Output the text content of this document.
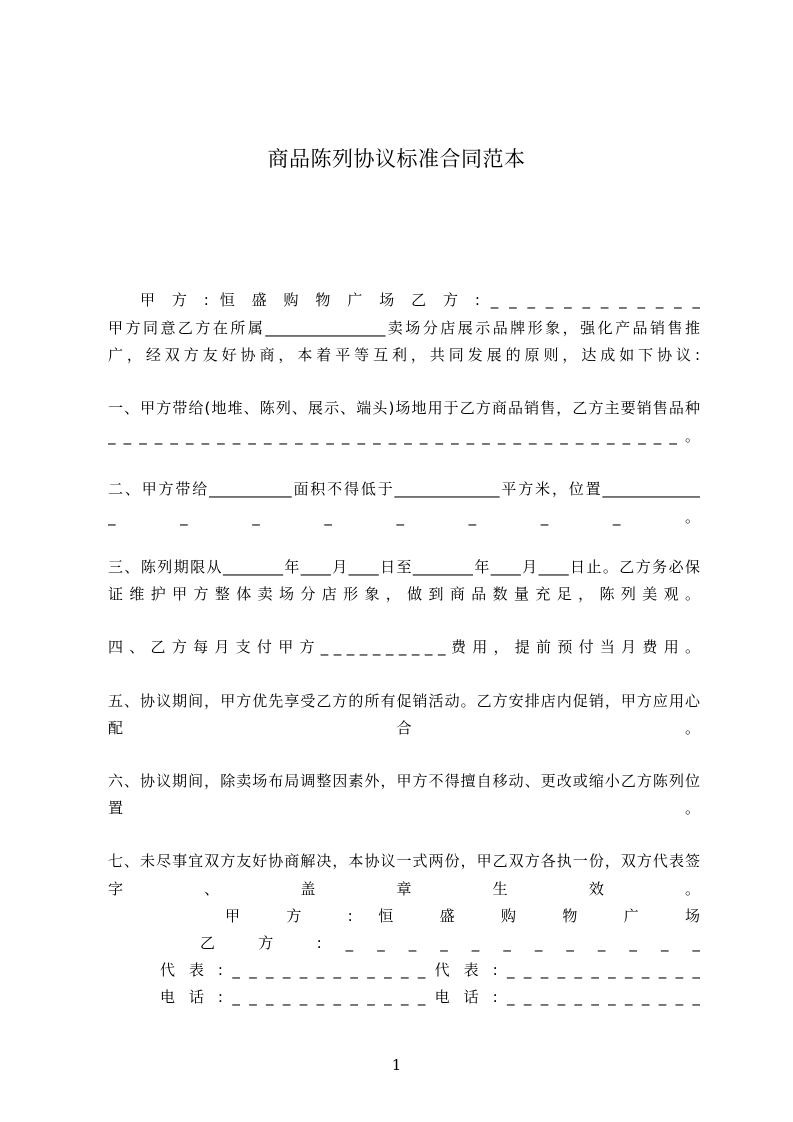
商品陈列协议标准合同范本
甲 方 : 恒 盛 购 物 广 场 乙 方 : _ _ _ _ _ _ _ _ _ _ _ _
甲方同意乙方在所属________________卖场分店展示品牌形象，强化产品销售推
广，经双方友好协商，本着平等互利，共同发展的原则，达成如下协议:
一、甲方带给(地堆、陈列、展示、端头)场地用于乙方商品销售，乙方主要销售品种
_ _ _ _ _ _ _ _ _ _ _ _ _ _ _ _ _ _ _ _ _ _ _ _ _ _ _ _ _ _ _ _ _ _ _ _ _ 。
二、甲方带给___________面积不得低于______________平方米，位置_____________
_ _ _ _ _ _ _ _ 。
三、陈列期限从________年____月____日至________年____月____日止。乙方务必保
证 维 护 甲 方 整 体 卖 场 分 店 形 象 ， 做 到 商 品 数 量 充 足 ， 陈 列 美 观 。
四 、 乙 方 每 月 支 付 甲 方 _ _ _ _ _ _ _ _ _ _ 费 用 ， 提 前 预 付 当 月 费 用 。
五、协议期间，甲方优先享受乙方的所有促销活动。乙方安排店内促销，甲方应用心
配 合 。
六、协议期间，除卖场布局调整因素外，甲方不得擅自移动、更改或缩小乙方陈列位
置 。
七、未尽事宜双方友好协商解决，本协议一式两份，甲乙双方各执一份，双方代表签
字 、 盖 章 生 效 。
甲 方 : 恒 盛 购 物 广 场
乙 方 : _ _ _ _ _ _ _ _ _ _ _ _
代 表 : _ _ _ _ _ _ _ _ _ _ _ _ 代 表 : _ _ _ _ _ _ _ _ _ _ _ _
电 话 : _ _ _ _ _ _ _ _ _ _ _ _ 电 话 : _ _ _ _ _ _ _ _ _ _ _ _
1
